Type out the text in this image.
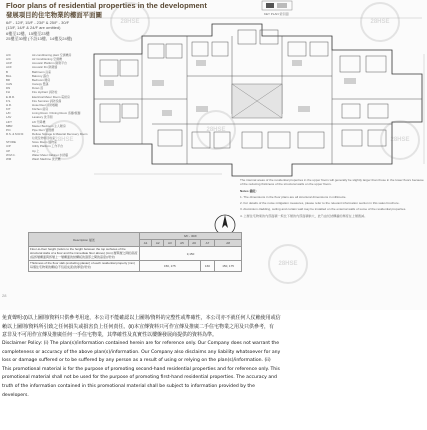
Floor plans of residential properties in the development
發展項目的住宅物業的樓面平面圖
6/F - 12/F, 15/F - 23/F & 25/F - 30/F
(13/F, 14/F & 24/F are omitted)
6樓至12樓、15樓至23樓
25樓至30樓 (不設13樓、14樓及24樓)
A/C	Air-conditioning plant 空調機房
A/C	Air Conditioning 空調機
ACP	Acoustic Platform 隔聲平台
ACF	Acoustic Fin 隔聲鰭
B	Bathroom 浴室
BAL	Balcony 露台
BR	Bedroom 睡房
CAN	Canopy 簷篷
DN	Down 落
FH	Fire Hydrant 消防栓
E.M.R.	Electrical Meter Room 電錶房
F.S.	Fire Services 消防設備
H.R.	Hose Reel 消防喉轆
KIT	Kitchen 廚房
L/D	Living Room / Dining Room 客廳/飯廳
LAV	Lavatory 洗手間
LIFT	Lift 升降機
MBR	Master Bedroom 主人睡房
P.D.	Pipe Duct 管道槽
R.S. & M.R.R.	Refuse Storage & Material Recovery Room 垃圾及物料回收室
STORE	Store Room 儲物室
U/P	Utility Platform 工作平台
UP	Up 上
W.M.C.	Water Meter Cabinet 水錶櫃
WM	Wash Machine 洗衣機
KEY PLAN 索引圖
28HSE	28HSE
28HSE
28HSE
28HSE
28HSE

The internal areas of the residential properties in the upper floors will generally be slightly larger than those in the lower floors because of the reducing thickness of the structural walls on the upper floors.

Notes 備註:

1. The dimensions in the floor plans are all structural dimensions in millimetre.

2. For details of the noise mitigation measures, please refer to the relevant information section in this sales brochure.

3. Aluminium cladding, ceiling and curtain wall may be installed on the external walls of some of the residential properties.

4. 上層住宅物業的內部面積一般比下層的內部面積稍大，此乃由於結構牆的厚度在上層遞減。

Description 描述	6/F - 30/F						
	A1	A2	A3	A5	A6	A7	A8
Floor-to-floor height (refers to the height between the top surfaces of the structural slabs of a floor and the immediate floor above) (mm) 層與層之間的高度(指該層樓面與該層上一層樓面的結構板的頂部之間的高度)(毫米)	3,150						
Thickness of the floor slab (excluding plaster) of each residential property (mm) 每個住宅物業的樓板(不包括灰泥)的厚度(毫米)	150, 175					160	150, 175
28

免責聲明:(i)以上圖則/資料只供參考用途，本公司不能確認以上圖則/資料的完整性或準確性，本公司亦不就任何人仗賴使用或信

賴以上圖則/資料所引致之任何損失或損害負上任何責任。(ii)本宣傳資料只可作宣傳及推廣二手住宅物業之用及只供參考，有

意非及不可用作宣傳及推廣任何一手住宅物業，其準確性及真實性以樓盤發展商提供的資料為準。

Disclaimer Policy: (i) The plan(s)/information contained herein are for reference only. Our Company does not warrant the

completeness or accuracy of the above plan(s)/information. Our Company also disclaims any liability whatsoever for any

loss or damage suffered or to be suffered by any person as a result of using or relying on the plan(s)/information. (ii)

This promotional material is for the purpose of promoting second-hand residential properties and for reference only. This

promotional material shall not be used for the purpose of promoting first-hand residential properties. The accuracy and

truth of the information contained in this promotional material shall be subject to information provided by the

developers.
